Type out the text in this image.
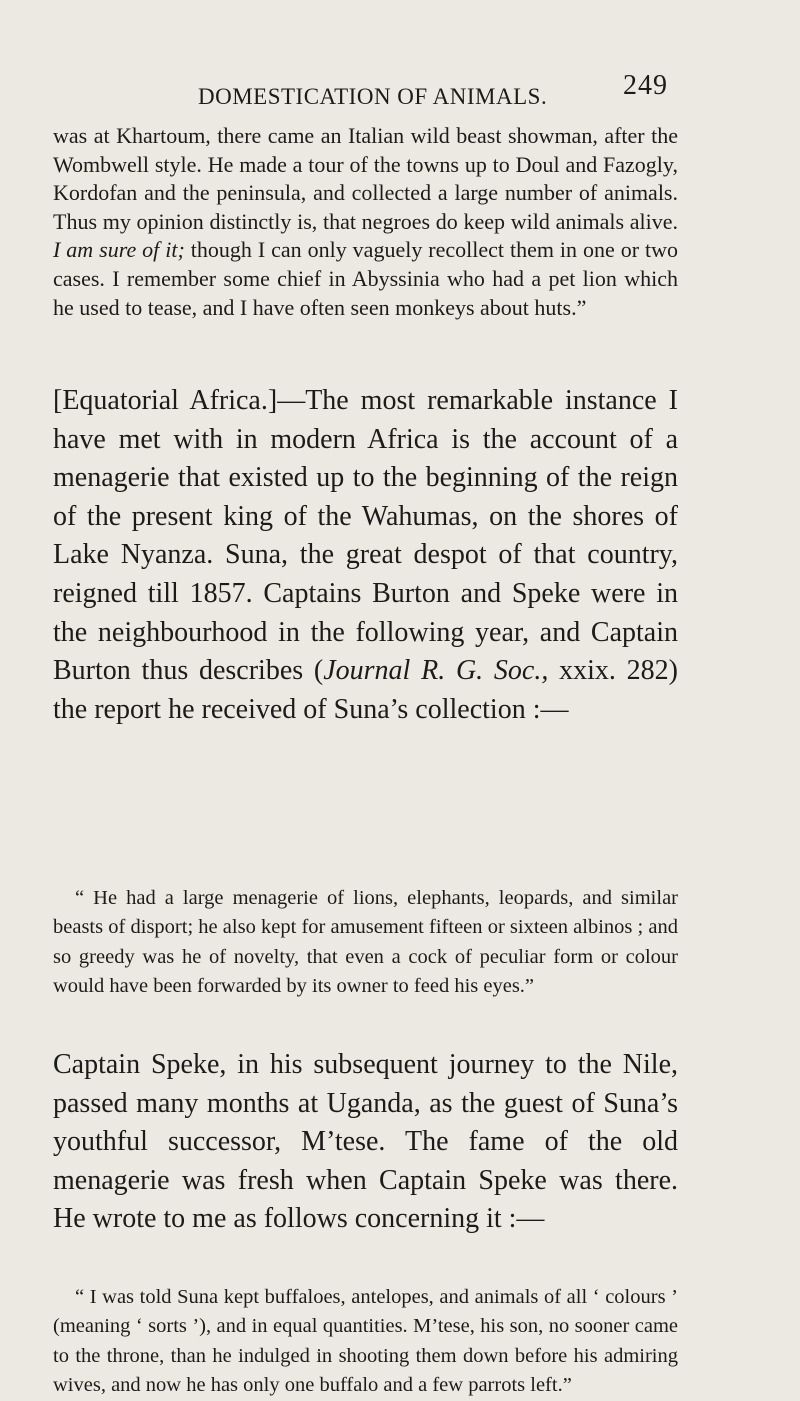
DOMESTICATION OF ANIMALS.	249

was at Khartoum, there came an Italian wild beast showman, after the Wombwell style. He made a tour of the towns up to Doul and Fazogly, Kordofan and the peninsula, and collected a large number of animals. Thus my opinion distinctly is, that negroes do keep wild animals alive. I am sure of it; though I can only vaguely recollect them in one or two cases. I remember some chief in Abyssinia who had a pet lion which he used to tease, and I have often seen monkeys about huts.”

[Equatorial Africa.]—The most remarkable instance I have met with in modern Africa is the account of a menagerie that existed up to the beginning of the reign of the present king of the Wahumas, on the shores of Lake Nyanza. Suna, the great despot of that country, reigned till 1857. Captains Burton and Speke were in the neighbourhood in the following year, and Captain Burton thus describes (Journal R. G. Soc., xxix. 282) the report he received of Suna’s collection :—

“ He had a large menagerie of lions, elephants, leopards, and similar beasts of disport; he also kept for amusement fifteen or sixteen albinos ; and so greedy was he of novelty, that even a cock of peculiar form or colour would have been forwarded by its owner to feed his eyes.”

Captain Speke, in his subsequent journey to the Nile, passed many months at Uganda, as the guest of Suna’s youthful successor, M’tese. The fame of the old menagerie was fresh when Captain Speke was there. He wrote to me as follows concerning it :—

“ I was told Suna kept buffaloes, antelopes, and animals of all ‘ colours ’ (meaning ‘ sorts ’), and in equal quantities. M’tese, his son, no sooner came to the throne, than he indulged in shooting them down before his admiring wives, and now he has only one buffalo and a few parrots left.”
